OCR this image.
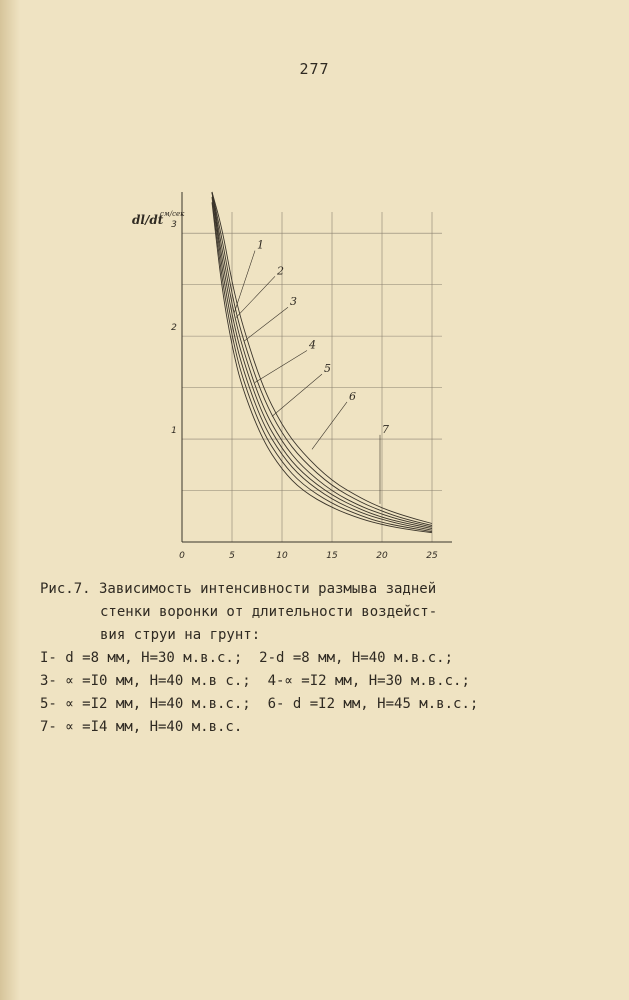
277
dl/dt
см/сек
0	5	10	15	20	25
1
2
3
1
2
3
4
5
6
7
Рис.7. Зависимость интенсивности размыва задней
стенки воронки от длительности воздейст-
вия струи на грунт:
I- d =8 мм, H=30 м.в.с.; 2-d =8 мм, H=40 м.в.с.;
3- ∝ =I0 мм, H=40 м.в с.; 4-∝ =I2 мм, H=30 м.в.с.;
5- ∝ =I2 мм, H=40 м.в.с.; 6- d =I2 мм, H=45 м.в.с.;
7- ∝ =I4 мм, H=40 м.в.с.
